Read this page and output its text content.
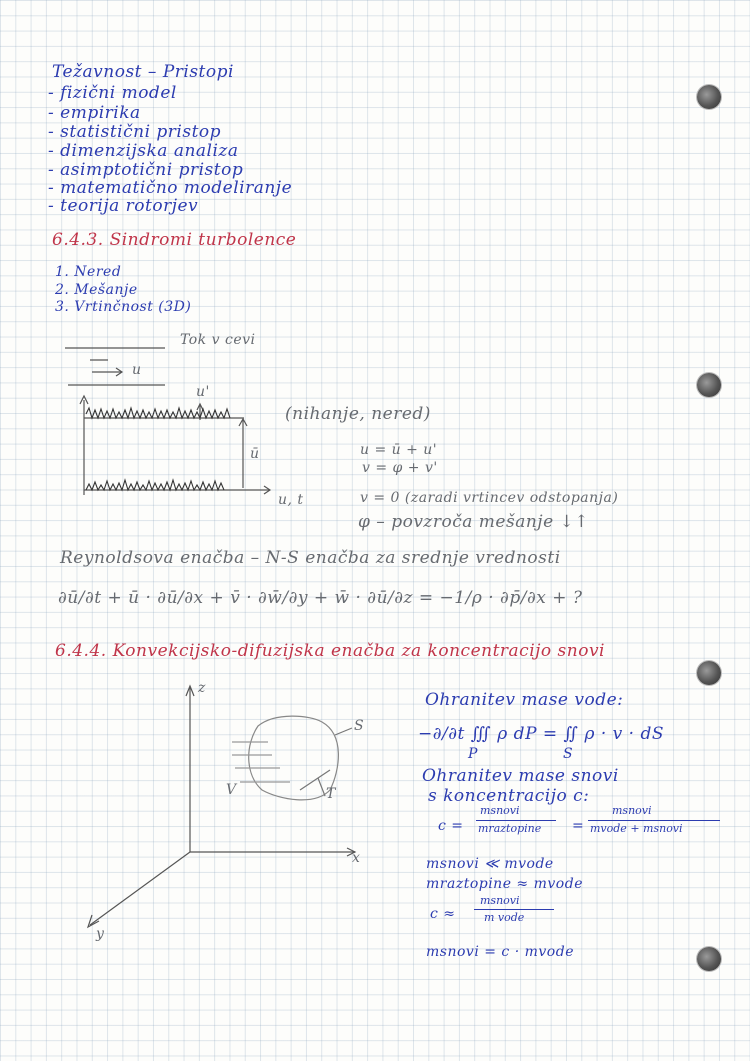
Težavnost – Pristopi
- fizični model
- empirika
- statistični pristop
- dimenzijska analiza
- asimptotični pristop
- matematično modeliranje
- teorija rotorjev
6.4.3. Sindromi turbolence
1. Nered
2. Mešanje
3. Vrtinčnost (3D)
Tok v cevi
u
u'
ū
u, t
(nihanje, nered)
u = ū + u'
v = φ + v'
v = 0 (zaradi vrtincev odstopanja)
φ – povzroča mešanje ↓↑
Reynoldsova enačba – N-S enačba za srednje vrednosti
∂ū/∂t + ū · ∂ū/∂x + v̄ · ∂w̄/∂y + w̄ · ∂ū/∂z = −1/ρ · ∂p̄/∂x + ?
6.4.4. Konvekcijsko-difuzijska enačba za koncentracijo snovi
z
x
y
S
V	T
Ohranitev mase vode:
−∂/∂t ∭ ρ dP = ∬ ρ · v · dS
P	S
Ohranitev mase snovi
s koncentracijo c:
c =
msnovi
mraztopine =
msnovi
mvode + msnovi
msnovi ≪ mvode
mraztopine ≈ mvode
c ≈
msnovi
m vode
msnovi = c · mvode
